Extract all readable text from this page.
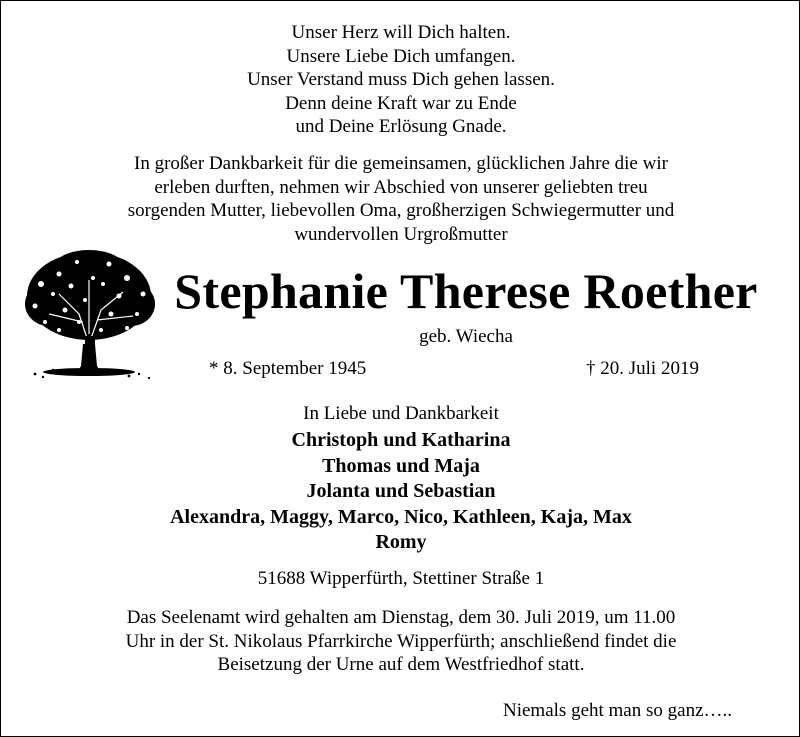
Unser Herz will Dich halten.

Unsere Liebe Dich umfangen.

Unser Verstand muss Dich gehen lassen.

Denn deine Kraft war zu Ende

und Deine Erlösung Gnade.

In großer Dankbarkeit für die gemeinsamen, glücklichen Jahre die wir

erleben durften, nehmen wir Abschied von unserer geliebten treu

sorgenden Mutter, liebevollen Oma, großherzigen Schwiegermutter und

wundervollen Urgroßmutter

Stephanie Therese Roether

geb. Wiecha

* 8. September 1945	† 20. Juli 2019

In Liebe und Dankbarkeit

Christoph und Katharina

Thomas und Maja

Jolanta und Sebastian

Alexandra, Maggy, Marco, Nico, Kathleen, Kaja, Max

Romy

51688 Wipperfürth, Stettiner Straße 1

Das Seelenamt wird gehalten am Dienstag, dem 30. Juli 2019, um 11.00

Uhr in der St. Nikolaus Pfarrkirche Wipperfürth; anschließend findet die

Beisetzung der Urne auf dem Westfriedhof statt.

Niemals geht man so ganz…..
